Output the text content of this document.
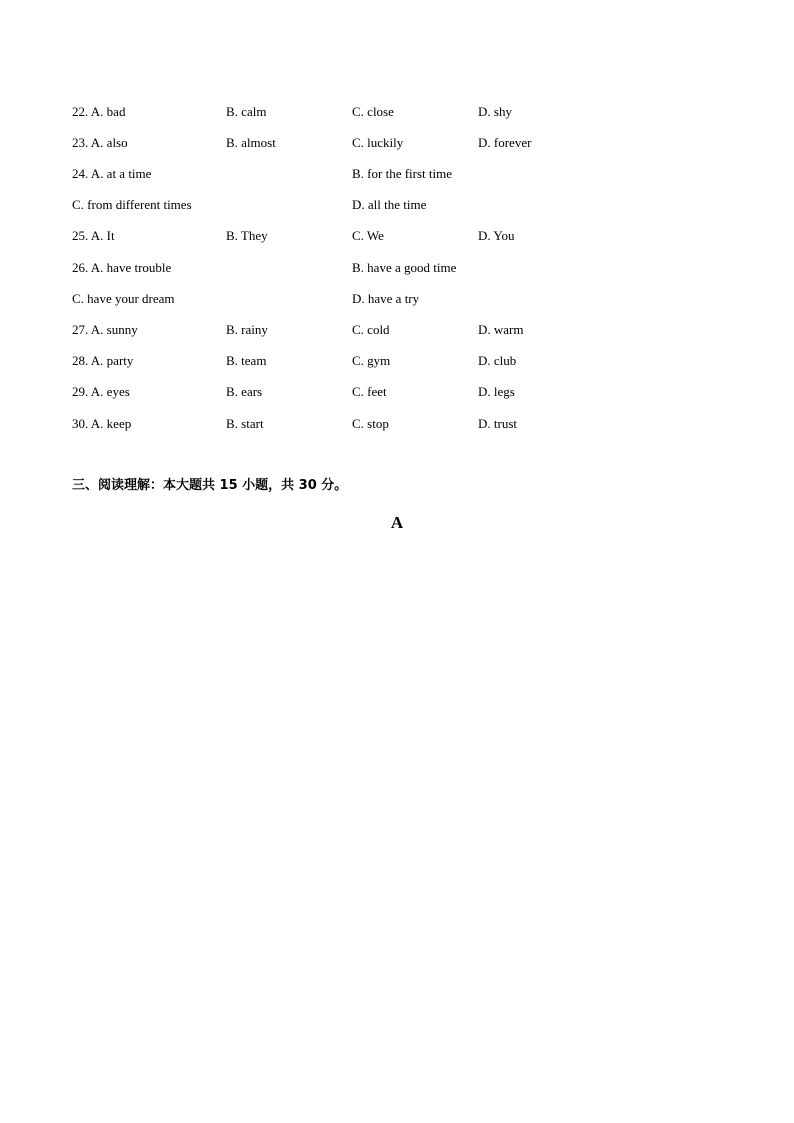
22. A. bad	B. calm	C. close	D. shy
23. A. also	B. almost	C. luckily	D. forever
24. A. at a time	B. for the first time
C. from different times	D. all the time
25. A. It	B. They	C. We	D. You
26. A. have trouble	B. have a good time
C. have your dream	D. have a try
27. A. sunny	B. rainy	C. cold	D. warm
28. A. party	B. team	C. gym	D. club
29. A. eyes	B. ears	C. feet	D. legs
30. A. keep	B. start	C. stop	D. trust
三、阅读理解：本大题共 15 小题，共 30 分。
A
